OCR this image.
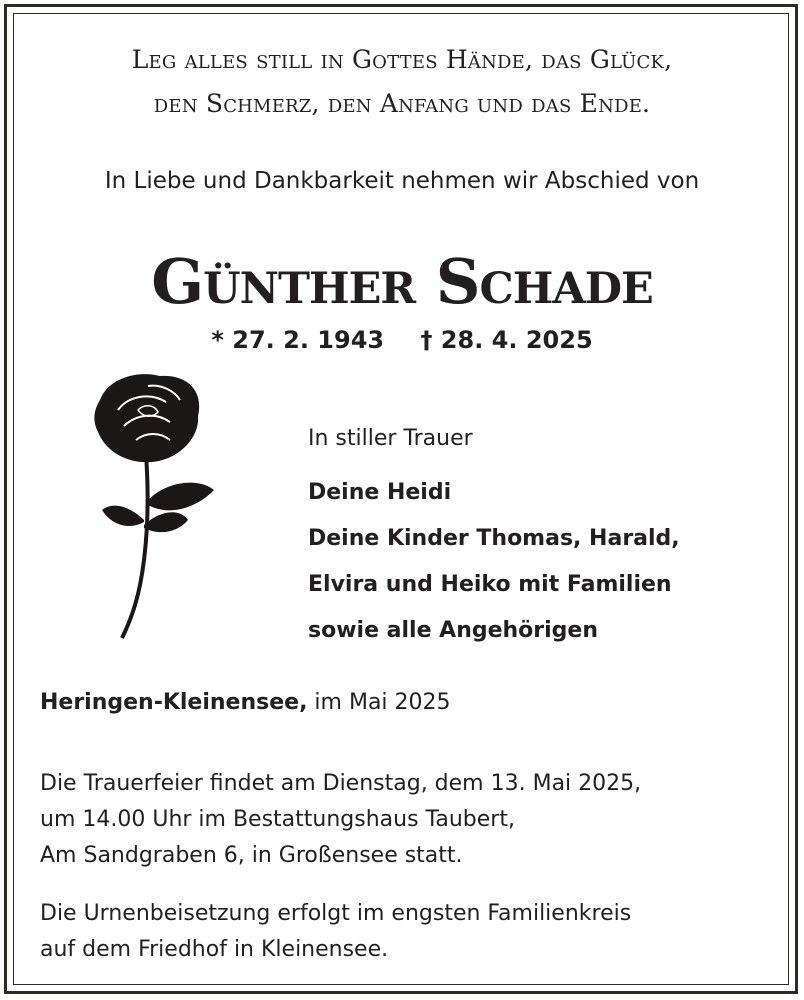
Leg alles still in Gottes Hände, das Glück,
den Schmerz, den Anfang und das Ende.
In Liebe und Dankbarkeit nehmen wir Abschied von
Günther Schade
* 27. 2. 1943 † 28. 4. 2025
In stiller Trauer
Deine Heidi
Deine Kinder Thomas, Harald,
Elvira und Heiko mit Familien
sowie alle Angehörigen
Heringen-Kleinensee, im Mai 2025
Die Trauerfeier findet am Dienstag, dem 13. Mai 2025,
um 14.00 Uhr im Bestattungshaus Taubert,
Am Sandgraben 6, in Großensee statt.
Die Urnenbeisetzung erfolgt im engsten Familienkreis
auf dem Friedhof in Kleinensee.
